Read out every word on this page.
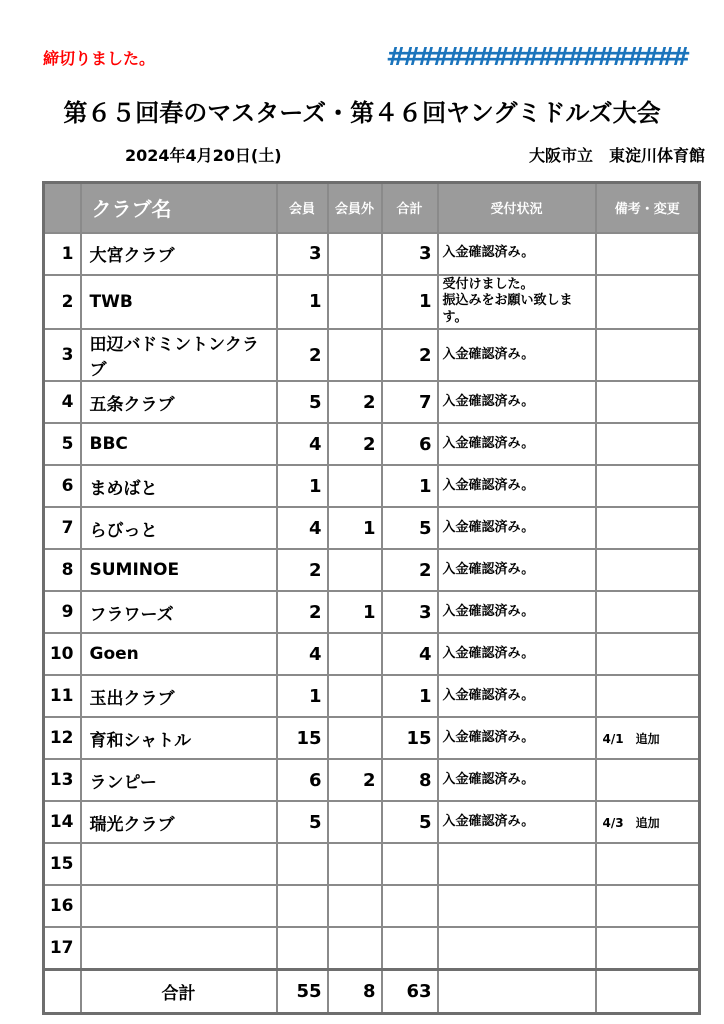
締切りました。	####################
第６５回春のマスターズ・第４６回ヤングミドルズ大会
2024年4月20日(土)	大阪市立　東淀川体育館
	クラブ名	会員	会員外	合計	受付状況	備考・変更
1	大宮クラブ	3		3	入金確認済み。	
2	TWB	1		1	受付けました。
振込みをお願い致します。	
3	田辺バドミントンクラブ	2		2	入金確認済み。	
4	五条クラブ	5	2	7	入金確認済み。	
5	BBC	4	2	6	入金確認済み。	
6	まめばと	1		1	入金確認済み。	
7	らびっと	4	1	5	入金確認済み。	
8	SUMINOE	2		2	入金確認済み。	
9	フラワーズ	2	1	3	入金確認済み。	
10	Goen	4		4	入金確認済み。	
11	玉出クラブ	1		1	入金確認済み。	
12	育和シャトル	15		15	入金確認済み。	4/1　追加
13	ランピー	6	2	8	入金確認済み。	
14	瑞光クラブ	5		5	入金確認済み。	4/3　追加
15						
16						
17						
	合計	55	8	63		
